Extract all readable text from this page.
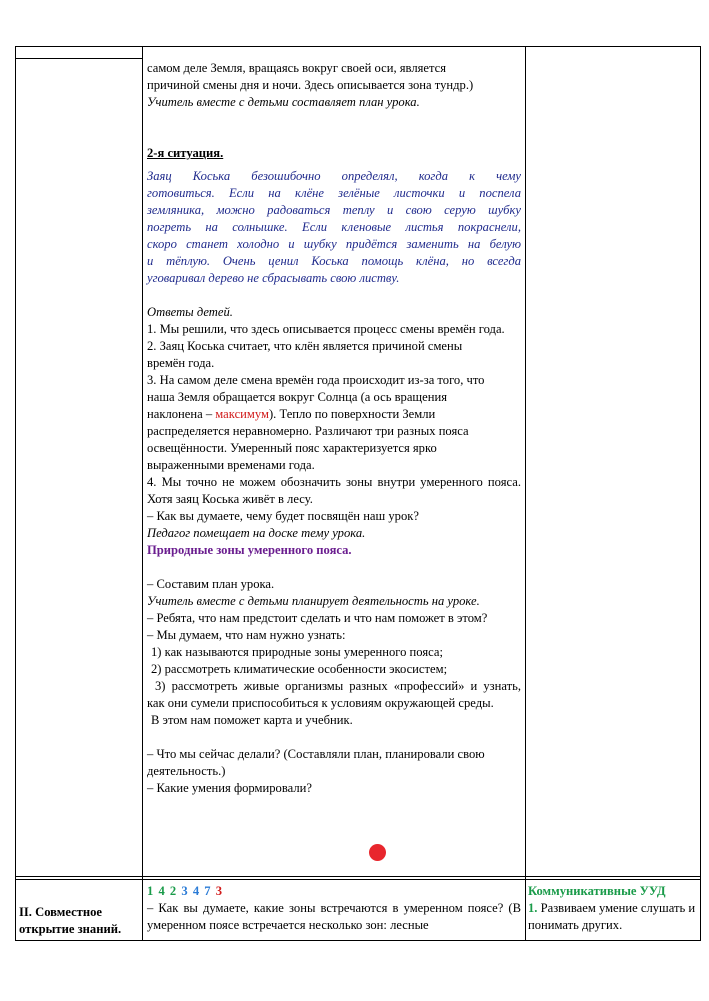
самом деле Земля, вращаясь вокруг своей оси, является

причиной смены дня и ночи. Здесь описывается зона тундр.)

Учитель вместе с детьми составляет план урока.

2-я ситуация.

Заяц Коська безошибочно определял, когда к чему

готовиться. Если на клёне зелёные листочки и поспела

земляника, можно радоваться теплу и свою серую шубку

погреть на солнышке. Если кленовые листья покраснели,

скоро станет холодно и шубку придётся заменить на белую

и тёплую. Очень ценил Коська помощь клёна, но всегда

уговаривал дерево не сбрасывать свою листву.

Ответы детей.

1. Мы решили, что здесь описывается процесс смены времён года.

2. Заяц Коська считает, что клён является причиной смены времён года.

3. На самом деле смена времён года происходит из-за того, что наша Земля обращается вокруг Солнца (а ось вращения наклонена – максимум). Тепло по поверхности Земли распределяется неравномерно. Различают три разных пояса освещённости. Умеренный пояс характеризуется ярко выраженными временами года.

4. Мы точно не можем обозначить зоны внутри умеренного пояса. Хотя заяц Коська живёт в лесу.

– Как вы думаете, чему будет посвящён наш урок?

Педагог помещает на доске тему урока.

Природные зоны умеренного пояса.

– Составим план урока.

Учитель вместе с детьми планирует деятельность на уроке.

– Ребята, что нам предстоит сделать и что нам поможет в этом?

– Мы думаем, что нам нужно узнать:

1) как называются природные зоны умеренного пояса;

2) рассмотреть климатические особенности экосистем;

3) рассмотреть живые организмы разных «профессий» и узнать, как они сумели приспособиться к условиям окружающей среды.

В этом нам поможет карта и учебник.

– Что мы сейчас делали? (Составляли план, планировали свою деятельность.)

– Какие умения формировали?

II. Совместное открытие знаний.

1 4 2 3 4 7 3

– Как вы думаете, какие зоны встречаются в умеренном поясе? (В умеренном поясе встречается несколько зон: лесные

Коммуникативные УУД

1. Развиваем умение слушать и понимать других.
